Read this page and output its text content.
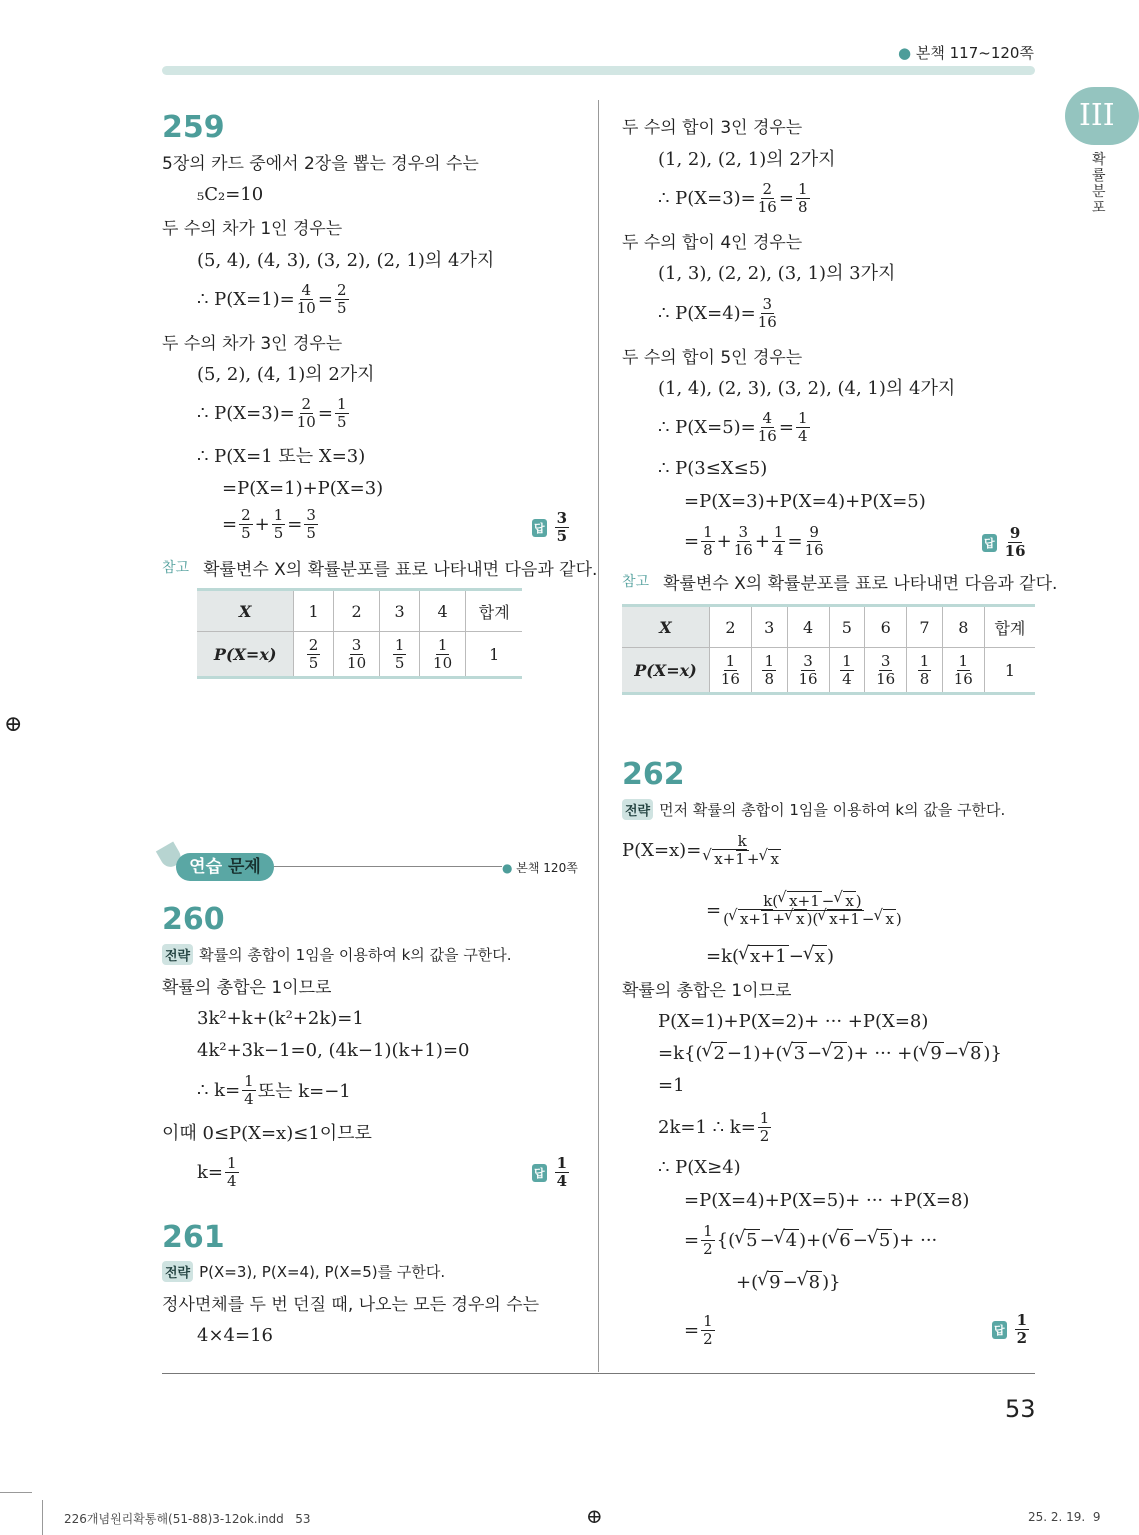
● 본책 117~120쪽
III
확률분포
⊕
259
5장의 카드 중에서 2장을 뽑는 경우의 수는
₅C₂=10
두 수의 차가 1인 경우는
(5, 4), (4, 3), (3, 2), (2, 1)의 4가지
∴ $P(X=1)= \frac{4}{10} = \frac{2}{5}$
두 수의 차가 3인 경우는
(5, 2), (4, 1)의 2가지
∴ $P(X=3)= \frac{2}{10} = \frac{1}{5}$
∴ P(X=1 또는 X=3)
=P(X=1)+P(X=3)
= $\frac{2}{5} + \frac{1}{5} = \frac{3}{5}$	답 $\frac{3}{5}$
참고 확률변수 X의 확률분포를 표로 나타내면 다음과 같다.
X	1	2	3	4	합계
P(X=x)	$\frac{2}{5}$	$\frac{3}{10}$	$\frac{1}{5}$	$\frac{1}{10}$	1
연습 문제	● 본책 120쪽
260
전략 확률의 총합이 1임을 이용하여 k의 값을 구한다.
확률의 총합은 1이므로
3k²+k+(k²+2k)=1
4k²+3k−1=0, (4k−1)(k+1)=0
∴ $k= \frac{1}{4}$ 또는 k=−1
이때 0≤P(X=x)≤1이므로
$k= \frac{1}{4}$	답 $\frac{1}{4}$
261
전략 P(X=3), P(X=4), P(X=5)를 구한다.
정사면체를 두 번 던질 때, 나오는 모든 경우의 수는
4×4=16
두 수의 합이 3인 경우는
(1, 2), (2, 1)의 2가지
∴ $P(X=3)= \frac{2}{16} = \frac{1}{8}$
두 수의 합이 4인 경우는
(1, 3), (2, 2), (3, 1)의 3가지
∴ $P(X=4)= \frac{3}{16}$
두 수의 합이 5인 경우는
(1, 4), (2, 3), (3, 2), (4, 1)의 4가지
∴ $P(X=5)= \frac{4}{16} = \frac{1}{4}$
∴ P(3≤X≤5)
=P(X=3)+P(X=4)+P(X=5)
= $\frac{1}{8} + \frac{3}{16} + \frac{1}{4} = \frac{9}{16}$	답 $\frac{9}{16}$
참고 확률변수 X의 확률분포를 표로 나타내면 다음과 같다.
X	2	3	4	5	6	7	8	합계
P(X=x)	$\frac{1}{16}$	$\frac{1}{8}$	$\frac{3}{16}$	$\frac{1}{4}$	$\frac{3}{16}$	$\frac{1}{8}$	$\frac{1}{16}$	1
262
전략 먼저 확률의 총합이 1임을 이용하여 k의 값을 구한다.
P(X=x)= k
√ x+1 + √ x
= $\frac{k( √ x+1 - √ x )}{( √ x+1 + √ x )( √ x+1 - √ x )}$
=k( √ x+1 − √ x )
확률의 총합은 1이므로
P(X=1)+P(X=2)+ ··· +P(X=8)
=k{( √ 2 −1)+( √ 3 − √ 2 )+ ··· +( √ 9 − √ 8 )}
=1
2k=1 ∴ $k= \frac{1}{2}$
∴ P(X≥4)
=P(X=4)+P(X=5)+ ··· +P(X=8)
= $\frac{1}{2}$ {( √ 5 − √ 4 )+( √ 6 − √ 5 )+ ···
+( √ 9 − √ 8 )}
= $\frac{1}{2}$	답 $\frac{1}{2}$
53
226개념원리확통해(51-88)3-12ok.indd   53	⊕	25. 2. 19.  9
